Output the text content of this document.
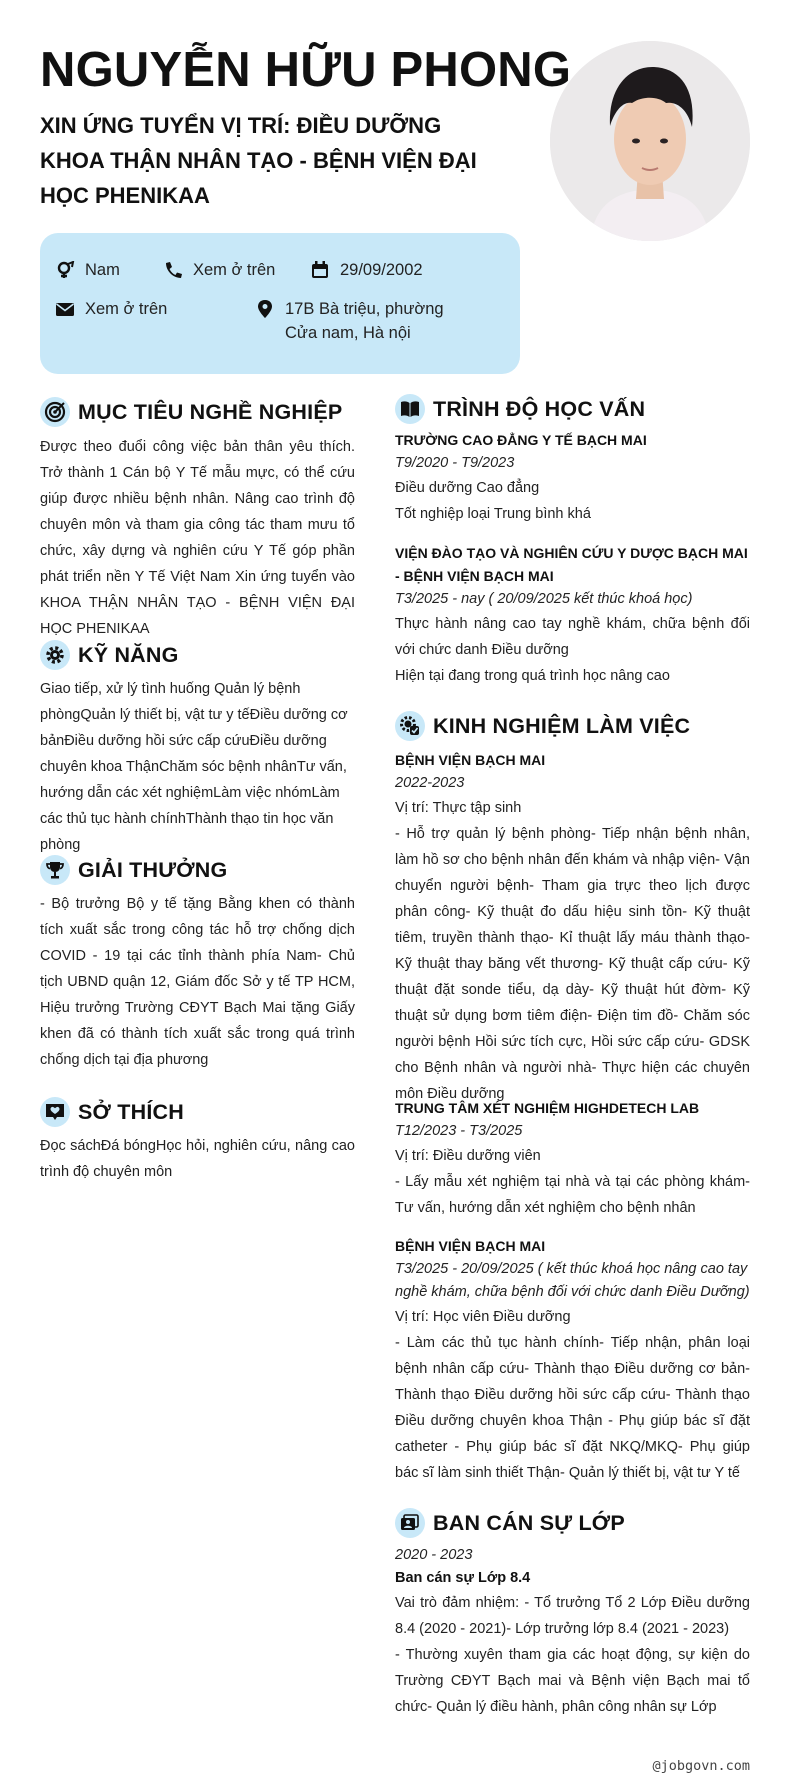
NGUYỄN HỮU PHONG
XIN ỨNG TUYỂN VỊ TRÍ: ĐIỀU DƯỠNG KHOA THẬN NHÂN TẠO - BỆNH VIỆN ĐẠI HỌC PHENIKAA
Nam	Xem ở trên	29/09/2002
Xem ở trên	17B Bà triệu, phường Cửa nam, Hà nội
MỤC TIÊU NGHỀ NGHIỆP

Được theo đuổi công việc bản thân yêu thích. Trở thành 1 Cán bộ Y Tế mẫu mực, có thể cứu giúp được nhiều bệnh nhân. Nâng cao trình độ chuyên môn và tham gia công tác tham mưu tổ chức, xây dựng và nghiên cứu Y Tế góp phần phát triển nền Y Tế Việt Nam Xin ứng tuyển vào KHOA THẬN NHÂN TẠO - BỆNH VIỆN ĐẠI HỌC PHENIKAA

KỸ NĂNG

Giao tiếp, xử lý tình huống Quản lý bệnh phòngQuản lý thiết bị, vật tư y tếĐiều dưỡng cơ bảnĐiều dưỡng hồi sức cấp cứuĐiều dưỡng chuyên khoa ThậnChăm sóc bệnh nhânTư vấn, hướng dẫn các xét nghiệmLàm việc nhómLàm các thủ tục hành chínhThành thạo tin học văn phòng

GIẢI THƯỞNG

- Bộ trưởng Bộ y tế tặng Bằng khen có thành tích xuất sắc trong công tác hỗ trợ chống dịch COVID - 19 tại các tỉnh thành phía Nam- Chủ tịch UBND quận 12, Giám đốc Sở y tế TP HCM, Hiệu trưởng Trường CĐYT Bạch Mai tặng Giấy khen đã có thành tích xuất sắc trong quá trình chống dịch tại địa phương

SỞ THÍCH

Đọc sáchĐá bóngHọc hỏi, nghiên cứu, nâng cao trình độ chuyên môn

TRÌNH ĐỘ HỌC VẤN
TRƯỜNG CAO ĐẲNG Y TẾ BẠCH MAI
T9/2020 - T9/2023
Điều dưỡng Cao đẳng
Tốt nghiệp loại Trung bình khá
VIỆN ĐÀO TẠO VÀ NGHIÊN CỨU Y DƯỢC BẠCH MAI - BỆNH VIỆN BẠCH MAI
T3/2025 - nay ( 20/09/2025 kết thúc khoá học)
Thực hành nâng cao tay nghề khám, chữa bệnh đối với chức danh Điều dưỡng
Hiện tại đang trong quá trình học nâng cao
KINH NGHIỆM LÀM VIỆC
BỆNH VIỆN BẠCH MAI
2022-2023
Vị trí: Thực tập sinh
- Hỗ trợ quản lý bệnh phòng- Tiếp nhận bệnh nhân, làm hồ sơ cho bệnh nhân đến khám và nhập viện- Vận chuyển người bệnh- Tham gia trực theo lịch được phân công- Kỹ thuật đo dấu hiệu sinh tồn- Kỹ thuật tiêm, truyền thành thạo- Kỉ thuật lấy máu thành thạo- Kỹ thuật thay băng vết thương- Kỹ thuật cấp cứu- Kỹ thuật đặt sonde tiểu, dạ dày- Kỹ thuật hút đờm- Kỹ thuật sử dụng bơm tiêm điện- Điện tim đồ- Chăm sóc người bệnh Hồi sức tích cực, Hồi sức cấp cứu- GDSK cho Bệnh nhân và người nhà- Thực hiện các chuyên môn Điều dưỡng
TRUNG TÂM XÉT NGHIỆM HIGHDETECH LAB
T12/2023 - T3/2025
Vị trí: Điều dưỡng viên
- Lấy mẫu xét nghiệm tại nhà và tại các phòng khám- Tư vấn, hướng dẫn xét nghiệm cho bệnh nhân
BỆNH VIỆN BẠCH MAI
T3/2025 - 20/09/2025 ( kết thúc khoá học nâng cao tay nghề khám, chữa bệnh đối với chức danh Điều Dưỡng)
Vị trí: Học viên Điều dưỡng
- Làm các thủ tục hành chính- Tiếp nhận, phân loại bệnh nhân cấp cứu- Thành thạo Điều dưỡng cơ bản- Thành thạo Điều dưỡng hồi sức cấp cứu- Thành thạo Điều dưỡng chuyên khoa Thận - Phụ giúp bác sĩ đặt catheter - Phụ giúp bác sĩ đặt NKQ/MKQ- Phụ giúp bác sĩ làm sinh thiết Thận- Quản lý thiết bị, vật tư Y tế
BAN CÁN SỰ LỚP
2020 - 2023
Ban cán sự Lớp 8.4
Vai trò đảm nhiệm: - Tổ trưởng Tổ 2 Lớp Điều dưỡng 8.4 (2020 - 2021)- Lớp trưởng lớp 8.4 (2021 - 2023)
- Thường xuyên tham gia các hoạt động, sự kiện do Trường CĐYT Bạch mai và Bệnh viện Bạch mai tổ chức- Quản lý điều hành, phân công nhân sự Lớp
@jobgovn.com
